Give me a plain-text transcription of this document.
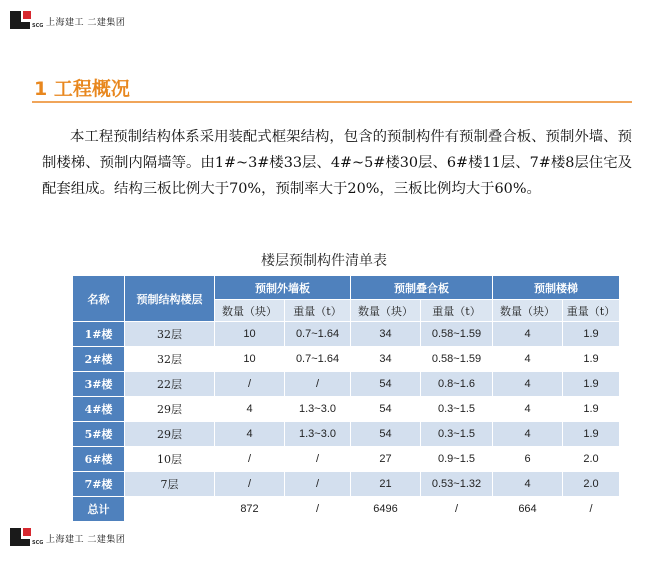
SCG 上海建工 二建集团
1 工程概况
本工程预制结构体系采用装配式框架结构，包含的预制构件有预制叠合板、预制外墙、预制楼梯、预制内隔墙等。由1#~3#楼33层、4#~5#楼30层、6#楼11层、7#楼8层住宅及配套组成。结构三板比例大于70%，预制率大于20%，三板比例均大于60%。
楼层预制构件清单表
名称	预制结构楼层	预制外墙板		预制叠合板		预制楼梯	
		数量（块）	重量（t）	数量（块）	重量（t）	数量（块）	重量（t）
1#楼	32层	10	0.7~1.64	34	0.58~1.59	4	1.9
2#楼	32层	10	0.7~1.64	34	0.58~1.59	4	1.9
3#楼	22层	/	/	54	0.8~1.6	4	1.9
4#楼	29层	4	1.3~3.0	54	0.3~1.5	4	1.9
5#楼	29层	4	1.3~3.0	54	0.3~1.5	4	1.9
6#楼	10层	/	/	27	0.9~1.5	6	2.0
7#楼	7层	/	/	21	0.53~1.32	4	2.0
总计		872	/	6496	/	664	/
SCG 上海建工 二建集团
